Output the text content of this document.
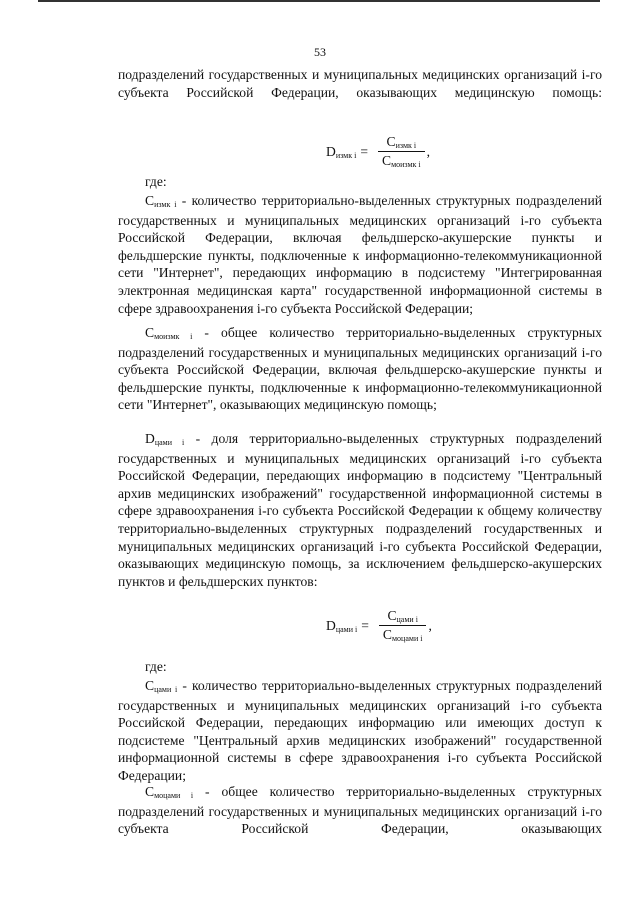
53

подразделений государственных и муниципальных медицинских организаций i-го субъекта Российской Федерации, оказывающих медицинскую помощь:

Dизмк $i = \frac{\text{Cизмк i}}{\text{Cмоизмк i}}$ ,
где:

Cизмк i - количество территориально-выделенных структурных подразделений государственных и муниципальных медицинских организаций i-го субъекта Российской Федерации, включая фельдшерско-акушерские пункты и фельдшерские пункты, подключенные к информационно-телекоммуникационной сети "Интернет", передающих информацию в подсистему "Интегрированная электронная медицинская карта" государственной информационной системы в сфере здравоохранения i-го субъекта Российской Федерации;

Cмоизмк i - общее количество территориально-выделенных структурных подразделений государственных и муниципальных медицинских организаций i-го субъекта Российской Федерации, включая фельдшерско-акушерские пункты и фельдшерские пункты, подключенные к информационно-телекоммуникационной сети "Интернет", оказывающих медицинскую помощь;

Dцами i - доля территориально-выделенных структурных подразделений государственных и муниципальных медицинских организаций i-го субъекта Российской Федерации, передающих информацию в подсистему "Центральный архив медицинских изображений" государственной информационной системы в сфере здравоохранения i-го субъекта Российской Федерации к общему количеству территориально-выделенных структурных подразделений государственных и муниципальных медицинских организаций i-го субъекта Российской Федерации, оказывающих медицинскую помощь, за исключением фельдшерско-акушерских пунктов и фельдшерских пунктов:

Dцами $i = \frac{\text{Cцами i}}{\text{Cмоцами i}}$ ,
где:

Cцами i - количество территориально-выделенных структурных подразделений государственных и муниципальных медицинских организаций i-го субъекта Российской Федерации, передающих информацию или имеющих доступ к подсистеме "Центральный архив медицинских изображений" государственной информационной системы в сфере здравоохранения i-го субъекта Российской Федерации;

Cмоцами i - общее количество территориально-выделенных структурных подразделений государственных и муниципальных медицинских организаций i-го субъекта Российской Федерации, оказывающих
